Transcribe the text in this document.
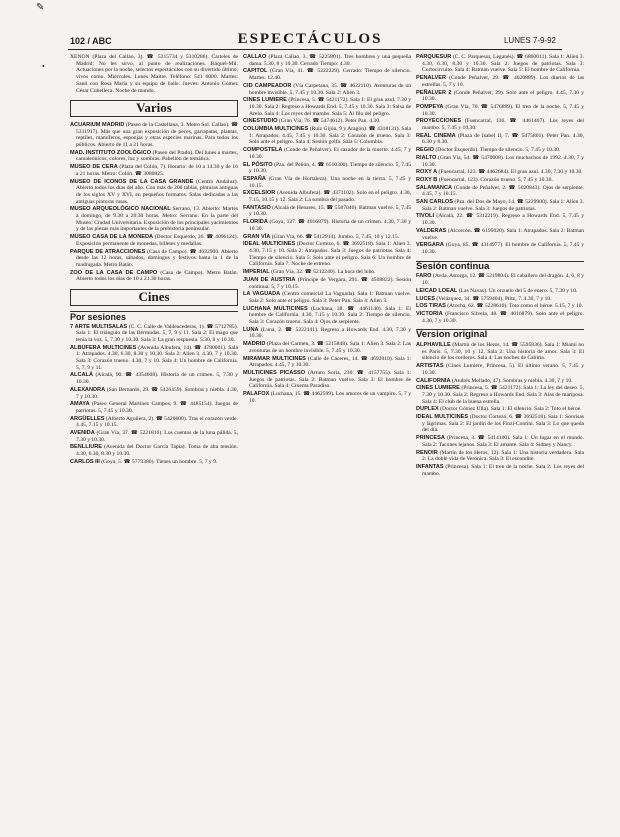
✎
102 / ABC	ESPECTÁCULOS	LUNES 7-9-92
•

XENON (Plaza del Callao, 3). ☎ 5315734 y 5310286). Carteles de Madrid: No les sirvo, al punto de realizaciones. Ráquel-Mil. Actuaciones por la noche, selectos espectáculos con su divertido último, vivos como. Miércoles. Lunes Maitre. Teléfono: 541 6000. Martes: Santi con Rosa María y su equipo de baile. Jueves: Antonio Gómez César Cubelleca. Noche de mundo.

Varios

ACUARIUM MADRID (Paseo de la Castellana, 3. Metro Sol. Callao). ☎ 5311917). Más que una gran exposición de peces, garrapatas, plantas, reptiles, mamíferos, esponjas y otras especies marinas. Para todos los públicos. Abierto de 11 a 21 horas.

MAD. INSTITUTO ZOOLÓGICO (Paseo del Prado). Del lunes a martes, camaleónicos, colores, luz y sombras. Pabellón de temática.

MUSEO DE CERA (Plaza del Colón, 7). Horario: de 10 a 14.30 y de 16 a 21 horas. Metro: Colón. ☎ 3080825.

MUSEO DE ICONOS DE LA CASA GRANDE (Centro Andaluz). Abierto todos los días del año. Con más de 200 tablas, pinturas antiguas de los siglos XV y XVI, en pequeños formatos. Salas dedicadas a las antiguas pinturas rusas.

MUSEO ARQUEOLÓGICO NACIONAL Serrano, 13. Abierto: Martes a domingo, de 9.30 a 20.30 horas. Metro: Serrano. En la parte del Museo: Ciudad Universitaria. Exposición de los principales yacimientos y de las piezas más importantes de la prehistoria peninsular.

MUSEO CASA DE LA MONEDA (Doctor Esquerdo, 36. ☎ 4096124). Exposición permanente de monedas, billetes y medallas.

PARQUE DE ATRACCIONES (Casa de Campo). ☎ 4632900. Abierto desde las 12 horas, sábados, domingos y festivos hasta la 1 de la madrugada. Metro Batán.

ZOO DE LA CASA DE CAMPO (Casa de Campo). Metro Batán. Abierto todos los días de 10 a 21.30 horas.

Cines
Por sesiones

7 ARTE MULTISALAS (C. C. Calle de Valdeacederas, 1). ☎ 5712785). Sala 1: El triángulo de las Bermudas. 5, 7, 9 y 11. Sala 2: El mago que tenía la voz. 5, 7.30 y 10.30. Sala 3: La gran respuesta. 5.30, 8 y 10.30.

ALBUFERA MULTICINES (Avenida Albufera, 14). ☎ 4780001). Sala 1: Atrapados. 4.30, 6.30, 8.30 y 10.30. Sala 2: Alien 3. 4.30, 7 y 10.30. Sala 3: Corazón trueno. 4.30, 7 y 10. Sala 4: Un hombre de California. 5, 7, 9 y 11.

ALCALÁ (Alcalá, 90. ☎ 4354608). Historia de un crimen. 5, 7.30 y 10.30.

ALEXANDRA (San Bernardo, 29. ☎ 5426459). Sombras y niebla. 4.30, 7 y 10.30.

AMAYA (Paseo General Martínez Campos, 9. ☎ 4485154). Juegos de patriotas. 5, 7.45 y 10.30.

ARGÜELLES (Alberto Aguilera, 2). ☎ 5420600). Tras el corazón verde. 4.45, 7.15 y 10.15.

AVENIDA (Gran Vía, 37. ☎ 5221816). Los cuentos de la luna pálida. 5, 7.30 y 10.30.

BENLLIURE (Avenida del Doctor García Tapia). Toma de alta tensión. 4.30, 6.30, 8.30 y 10.30.

CARLOS III (Goya, 5. ☎ 5773380). Tienes un hombre. 5, 7 y 9.

CALLAO (Plaza Callao, 3. ☎ 5225801). Tres hombres y una pequeña dama. 5.30, 8 y 10.30. Cerrado Tiempo: 4.30.

CAPITOL (Gran Vía, 41. ☎ 5222229). Cerrado: Tiempo de silencio. Martes. 12.40.

CID CAMPEADOR (Vía Carpetana, 35. ☎ 4622110). Aventuras de un hombre invisible. 5, 7.45 y 10.30. Sala 2: Alien 3.

CINES LUMIERE (Princesa, 5. ☎ 5421172). Sala 1: El gran azul. 7.30 y 10.30. Sala 2: Regreso a Howards End. 5, 7.45 y 10.30. Sala 3: Salsa de Arelo. Sala 4: Los reyes del mambo. Sala 5: Al filo del peligro.

CINESTUDIO (Gran Vía, 76. ☎ 5474612). Peter Pan. 4.30.

COLUMBIA MULTICINES (Ruiz Gijón, 9 y Aragón). ☎ 4318131). Sala 1: Atrapados. 4.45, 7.45 y 10.30. Sala 2: Corazón de trueno. Sala 3: Solo ante el peligro. Sala 4: Sesión golfa. Sala 5: Columbia.

COMPOSTELA (Conde de Peñalver). El cazador de la muerte. 4.45, 7 y 10.30.

EL PÓSITO (Pza. del Peñón, 4. ☎ 6510300). Tiempo de silencio. 5, 7.45 y 10.30.

ESPAÑA (Gran Vía de Hortaleza). Una noche en la tierra. 5, 7.45 y 10.15.

EXCELSIOR (Avenida Albufera). ☎ 4371102). Solo en el peligro. 4.30, 7.15, 10.15 y 12. Sala 2: La sombra del pasado.

FANTASIO (Alcalá de Henares, 15. ☎ 5587040). Batman vuelve. 5, 7.45 y 10.30.

FLORIDA (Goya, 127. ☎ 4016879). Historia de un crimen. 4.30, 7.30 y 10.30.

GRAN VÍA (Gran Vía, 66. ☎ 5412914). Jumbo. 5, 7.45, 10 y 12.15.

IDEAL MULTICINES (Doctor Cortezo, 6. ☎ 3692518). Sala 1: Alien 3. 4.30, 7.15 y 10. Sala 2: Atrapados. Sala 3: Juegos de patriotas. Sala 4: Tiempo de silencio. Sala 5: Solo ante el peligro. Sala 6: Un hombre de California. Sala 7: Noche de estreno.

IMPERIAL (Gran Vía, 32. ☎ 5212240). La hora del lobo.

JUAN DE AUSTRIA (Príncipe de Vergara, 291. ☎ 4508822). Sesión continua: 5, 7 y 10.15.

LA VAGUADA (Centro comercial La Vaguada). Sala 1: Batman vuelve. Sala 2: Solo ante el peligro. Sala 3: Peter Pan. Sala 4: Alien 3.

LUCHANA MULTICINES (Luchana, 38. ☎ 4461140). Sala 1: El hombre de California. 4.30, 7.15 y 10.30. Sala 2: Tiempo de silencio. Sala 3: Corazón trueno. Sala 4: Ojos de serpiente.

LUNA (Luna, 2. ☎ 5222141). Regreso a Howards End. 4.30, 7.30 y 10.30.

MADRID (Plaza del Carmen, 3. ☎ 5215848). Sala 1: Alien 3. Sala 2: Las aventuras de un hombre invisible. 5, 7.45 y 10.30.

MIRAMAR MULTICINES (Calle de Cáceres, 14. ☎ 4692010). Sala 1: Atrapados. 4.45, 7 y 10.30.

MULTICINES PICASSO (Arturo Soria, 230. ☎ 4157755). Sala 1: Juegos de patriotas. Sala 2: Batman vuelve. Sala 3: El hombre de California. Sala 4: Cinema Paradiso.

PALAFOX (Luchana, 15. ☎ 4462599). Los amores de un vampiro. 5, 7 y 10.

PARQUESUR (C. C. Parquesur, Leganés). ☎ 6860011). Sala 1: Alien 3. 4.30, 6.30, 8.30 y 10.30. Sala 2: Juegos de patriotas. Sala 3: Cortocircuito. Sala 4: Batman vuelve. Sala 5: El hombre de California.

PENALVER (Conde Peñalver, 29. ☎ 4020889). Los diarios de las estrellas. 5, 7 y 10.

PEÑALVER 2 (Conde Peñalver, 29). Solo ante el peligro. 4.45, 7.30 y 10.30.

POMPEYA (Gran Vía, 70. ☎ 5476899). El tren de la noche. 5, 7.45 y 10.30.

PROYECCIONES (Fuencarral, 136. ☎ 4461467). Los reyes del mambo. 5, 7.45 y 10.30.

REAL CINEMA (Plaza de Isabel II, 7. ☎ 5475801). Peter Pan. 4.30, 6.30 y 8.30.

REGIO (Doctor Esquerdo). Tiempo de silencio. 5, 7.45 y 10.30.

RIALTO (Gran Vía, 54. ☎ 5470008). Los muchachos de 1992. 4.30, 7 y 10.30.

ROXY A (Fuencarral, 123. ☎ 4462684). El gran azul. 4.30, 7.30 y 10.30.

ROXY B (Fuencarral, 123). Corazón trueno. 5, 7.45 y 10.30.

SALAMANCA (Conde de Peñalver, 2. ☎ 5020843). Ojos de serpiente. 4.45, 7 y 10.15.

SAN CARLOS (Pza. del Dos de Mayo, 14. ☎ 5229900). Sala 1: Alien 3. Sala 2: Batman vuelve. Sala 3: Juegos de patriotas.

TIVOLI (Alcalá, 22. ☎ 5312219). Regreso a Howards End. 5, 7.45 y 10.30.

VALDERAS (Alcorcón. ☎ 6195020). Sala 1: Atrapados. Sala 2: Batman vuelve.

VERGARA (Goya, 85. ☎ 4314977). El hombre de California. 5, 7.45 y 10.30.

Sesión continua

FARO (Avda. Astorga, 12. ☎ 5219804). El caballero del dragón. 4, 6, 8 y 10.

LEICAD LOEAL (Las Navas). Un orzuelo del 5 de enero. 5, 7.30 y 10.

LUCES (Velázquez, 34. ☎ 5759404). Ptitz, 7. 4.30, 7 y 10.

LOS TIRAS (Atocha, 62. ☎ 5228610). Toto como el héroe. 5.15, 7 y 10.

VICTORIA (Francisco Silvela, 48. ☎ 4016879). Solo ante el peligro. 4.30, 7 y 10.30.

Version original

ALPHAVILLE (Martín de los Heros, 14. ☎ 5595836). Sala 1: Miami no es París. 5, 7.30, 10 y 12. Sala 2: Una historia de amor. Sala 3: El silencio de los corderos. Sala 4: Las noches de Cabiria.

ARTISTAS (Cines Lumiere, Princesa, 5). El último verano. 5, 7.45 y 10.30.

CALIFORNIA (Andrés Mellado, 47). Sombras y niebla. 4.30, 7 y 10.

CINES LUMIERE (Princesa, 5. ☎ 5421172). Sala 1: La ley del deseo. 5, 7.30 y 10.30. Sala 2: Regreso a Howards End. Sala 3: Alas de mariposa. Sala 4: El club de la buena estrella.

DUPLEX (Doctor Gómez Ulla). Sala 1: El silencio. Sala 2: Toto el héroe.

IDEAL MULTICINES (Doctor Cortezo, 6. ☎ 3692518). Sala 1: Sonrisas y lágrimas. Sala 2: El jardín de los Finzi-Contini. Sala 3: Lo que queda del día.

PRINCESA (Princesa, 3. ☎ 5414100). Sala 1: Un lugar en el mundo. Sala 2: Tacones lejanos. Sala 3: El amante. Sala 4: Sidney y Nancy.

RENOIR (Martín de los Heros, 12). Sala 1: Una historia verdadera. Sala 2: La doble vida de Verónica. Sala 3: El escondite.

INFANTAS (Princesa). Sala 1: El tren de la noche. Sala 2: Los reyes del mambo.
